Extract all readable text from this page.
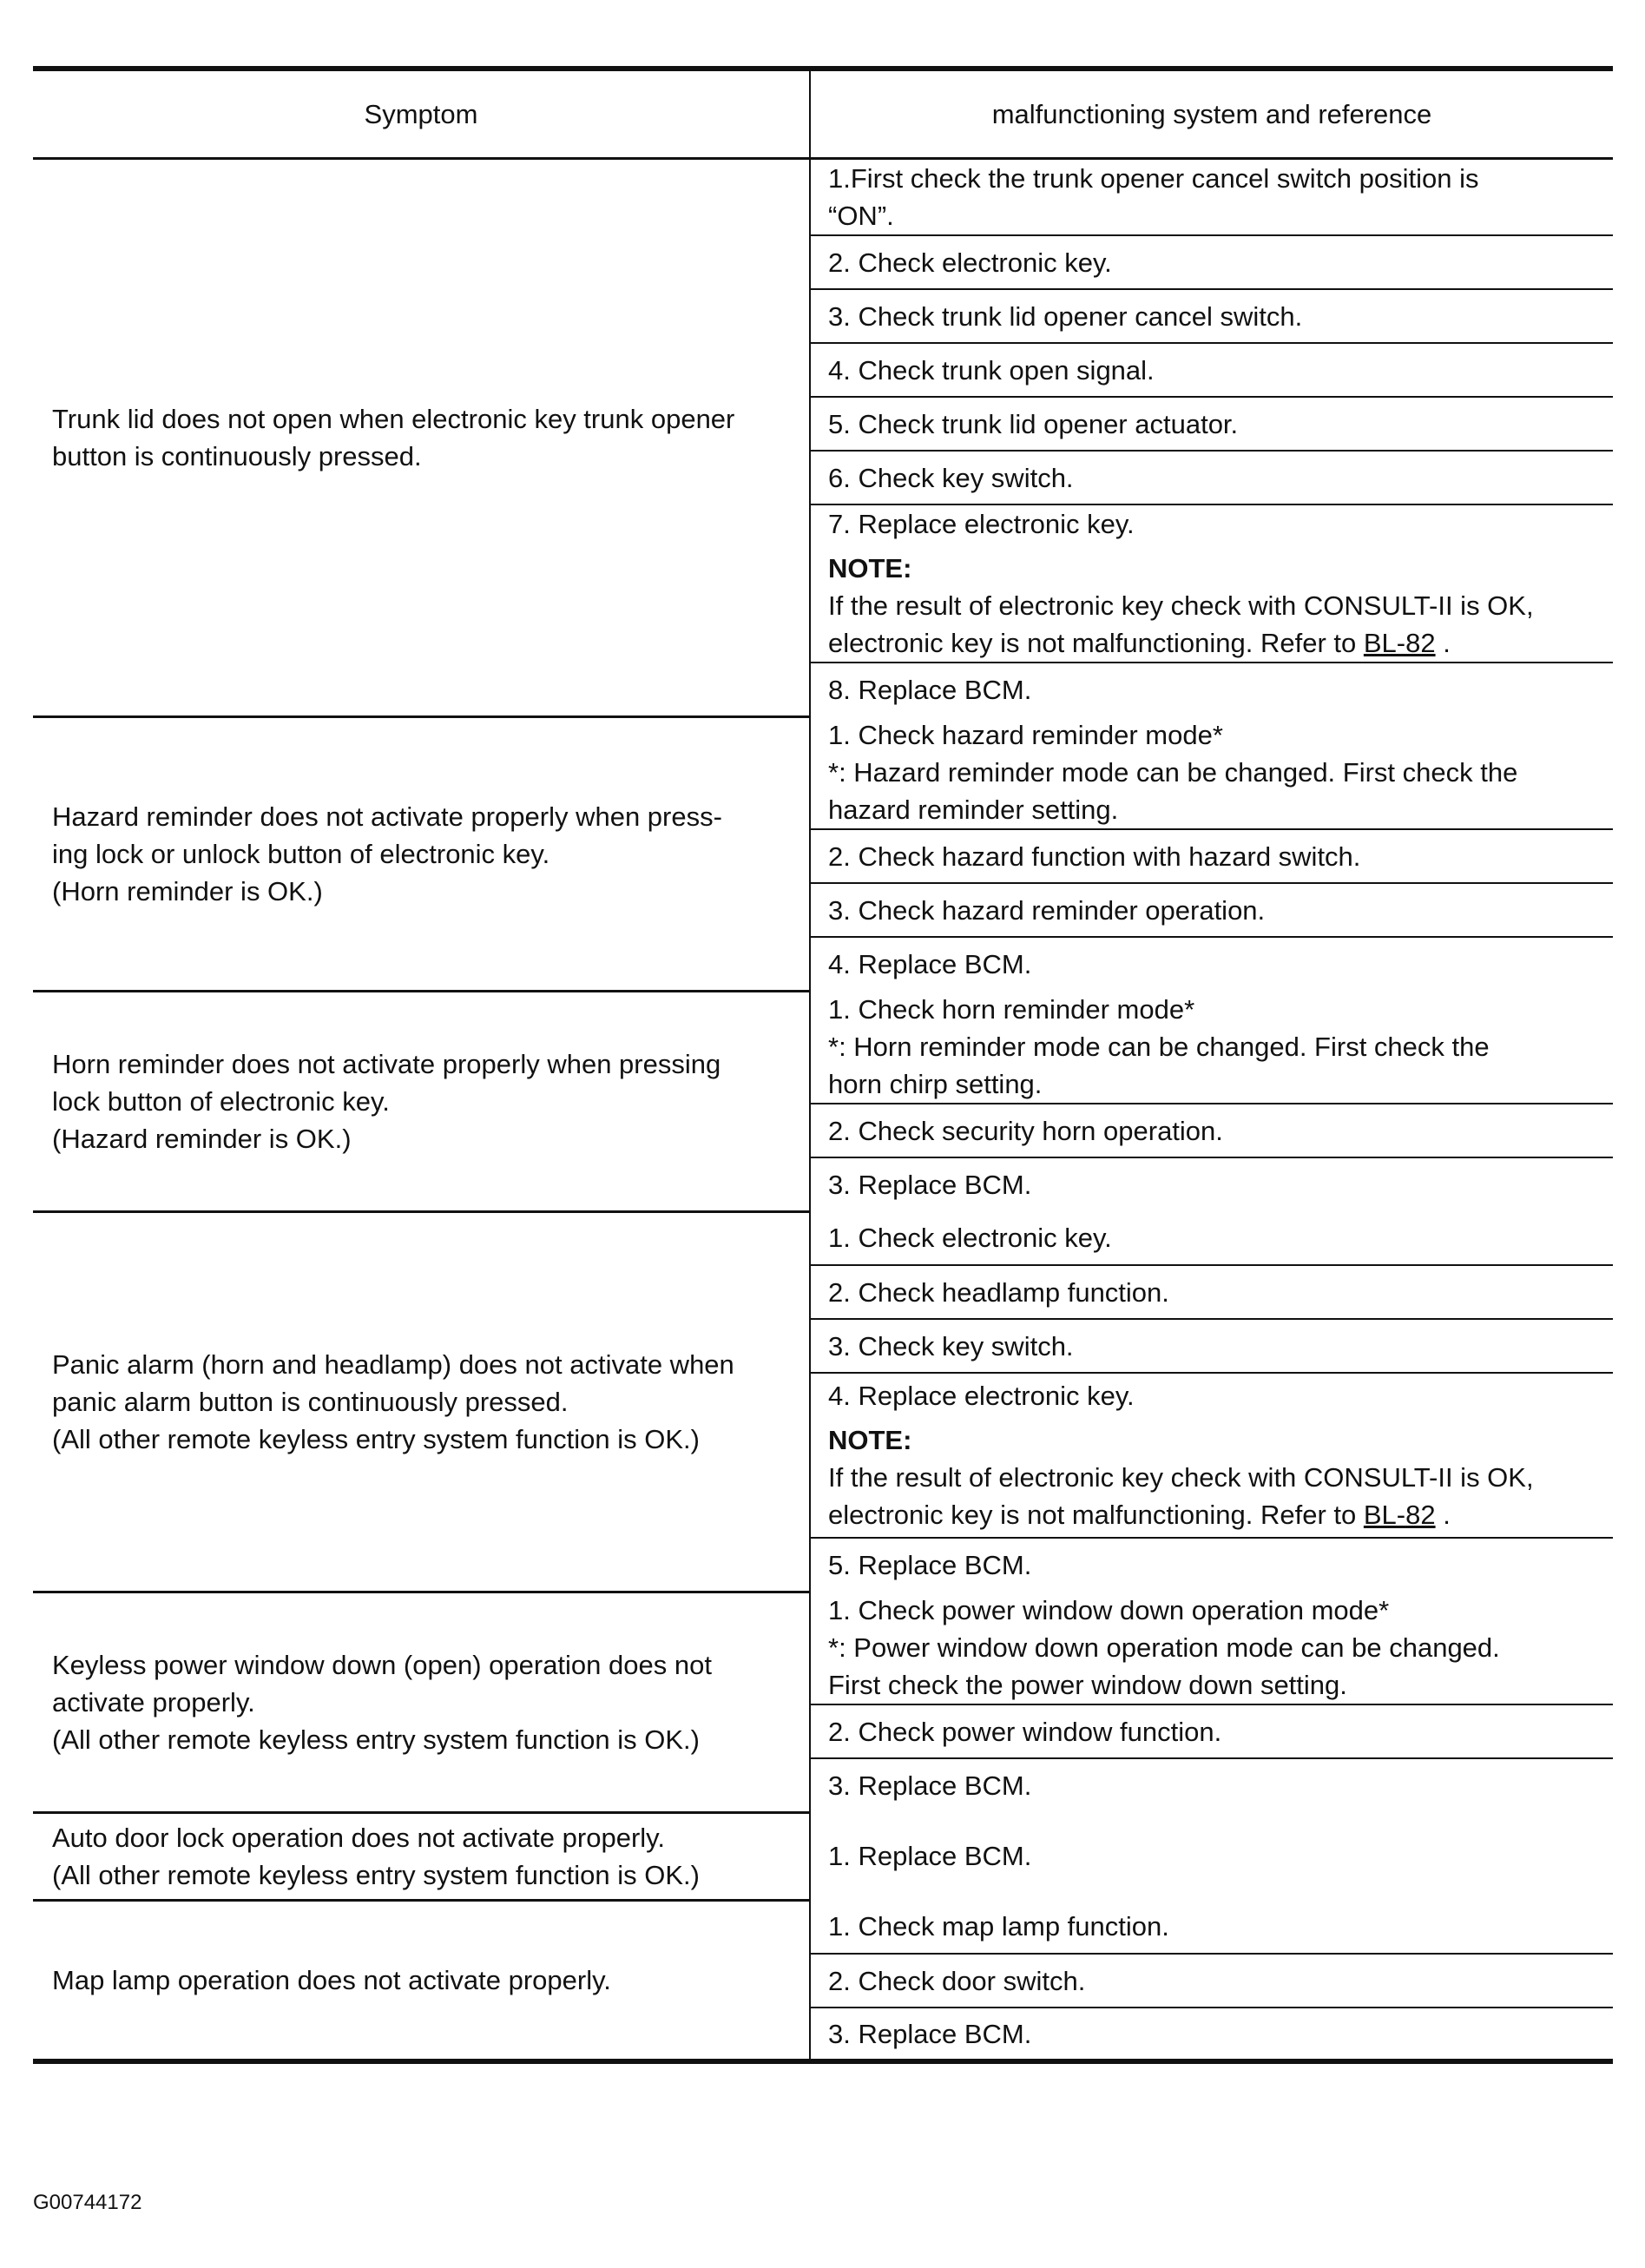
Symptom	malfunctioning system and reference

Trunk lid does not open when electronic key trunk opener
button is continuously pressed.	1.First check the trunk opener cancel switch position is
“ON”.

	2. Check electronic key.

	3. Check trunk lid opener cancel switch.

	4. Check trunk open signal.

	5. Check trunk lid opener actuator.

	6. Check key switch.

	7. Replace electronic key.
NOTE:
If the result of electronic key check with CONSULT-II is OK,
electronic key is not malfunctioning. Refer to BL-82 .

	8. Replace BCM.

Hazard reminder does not activate properly when press-
ing lock or unlock button of electronic key.
(Horn reminder is OK.)	1. Check hazard reminder mode*
*: Hazard reminder mode can be changed. First check the
hazard reminder setting.

	2. Check hazard function with hazard switch.

	3. Check hazard reminder operation.

	4. Replace BCM.

Horn reminder does not activate properly when pressing
lock button of electronic key.
(Hazard reminder is OK.)	1. Check horn reminder mode*
*: Horn reminder mode can be changed. First check the
horn chirp setting.

	2. Check security horn operation.

	3. Replace BCM.

Panic alarm (horn and headlamp) does not activate when
panic alarm button is continuously pressed.
(All other remote keyless entry system function is OK.)	1. Check electronic key.

	2. Check headlamp function.

	3. Check key switch.

	4. Replace electronic key.
NOTE:
If the result of electronic key check with CONSULT-II is OK,
electronic key is not malfunctioning. Refer to BL-82 .

	5. Replace BCM.

Keyless power window down (open) operation does not
activate properly.
(All other remote keyless entry system function is OK.)	1. Check power window down operation mode*
*: Power window down operation mode can be changed.
First check the power window down setting.

	2. Check power window function.

	3. Replace BCM.

Auto door lock operation does not activate properly.
(All other remote keyless entry system function is OK.)	1. Replace BCM.

Map lamp operation does not activate properly.	1. Check map lamp function.

	2. Check door switch.

	3. Replace BCM.
G00744172
